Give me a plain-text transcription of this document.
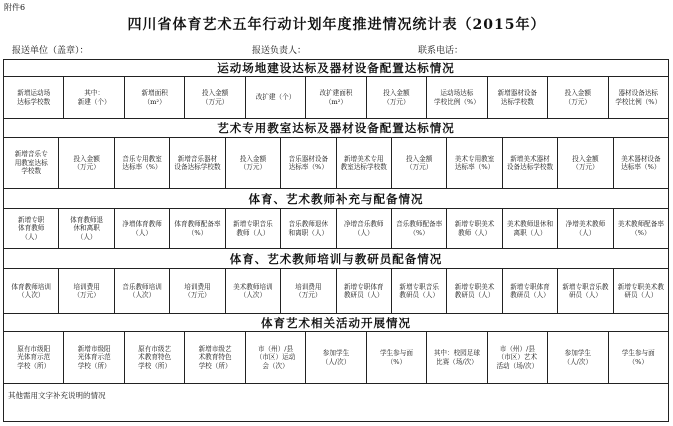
附件6
四川省体育艺术五年行动计划年度推进情况统计表（2015年）
报送单位（盖章）：	报送负责人：	联系电话：
运动场地建设达标及器材设备配置达标情况
新增运动场
达标学校数
其中：
新建（个）
新增面积
（m²）
投入金额
（万元）
改扩建（个）
改扩建面积
（m²）
投入金额
（万元）
运动场达标
学校比例（%）
新增器材设备
达标学校数
投入金额
（万元）
器材设备达标
学校比例（%）
艺术专用教室达标及器材设备配置达标情况
新增音乐专
用教室达标
学校数
投入金额
（万元）
音乐专用教室
达标率（%）
新增音乐器材
设备达标学校数
投入金额
（万元）
音乐器材设备
达标率（%）
新增美术专用
教室达标学校数
投入金额
（万元）
美术专用教室
达标率（%）
新增美术器材
设备达标学校数
投入金额
（万元）
美术器材设备
达标率（%）
体育、艺术教师补充与配备情况
新增专职
体育教师
（人）
体育教师退
休和离职
（人）
净增体育教师
（人）
体育教师配备率
（%）
新增专职音乐
教师（人）
音乐教师退休
和离职（人）
净增音乐教师
（人）
音乐教师配备率
（%）
新增专职美术
教师（人）
美术教师退休和
离职（人）
净增美术教师
（人）
美术教师配备率
（%）
体育、艺术教师培训与教研员配备情况
体育教师培训
（人次）
培训费用
（万元）
音乐教师培训
（人次）
培训费用
（万元）
美术教师培训
（人次）
培训费用
（万元）
新增专职体育
教研员（人）
新增专职音乐
教研员（人）
新增专职美术
教研员（人）
新增专职体育
教研员（人）
新增专职音乐教
研员（人）
新增专职美术教
研员（人）
体育艺术相关活动开展情况
原有市级阳
光体育示范
学校（所）
新增市级阳
光体育示范
学校（所）
原有市级艺
术教育特色
学校（所）
新增市级艺
术教育特色
学校（所）
市（州）/县
（市区）运动
会（次）
参加学生
（人/次）
学生参与面
（%）
其中：校园足球
比赛（场/次）
市（州）/县
（市区）艺术
活动（场/次）
参加学生
（人/次）
学生参与面
（%）
其他需用文字补充说明的情况
